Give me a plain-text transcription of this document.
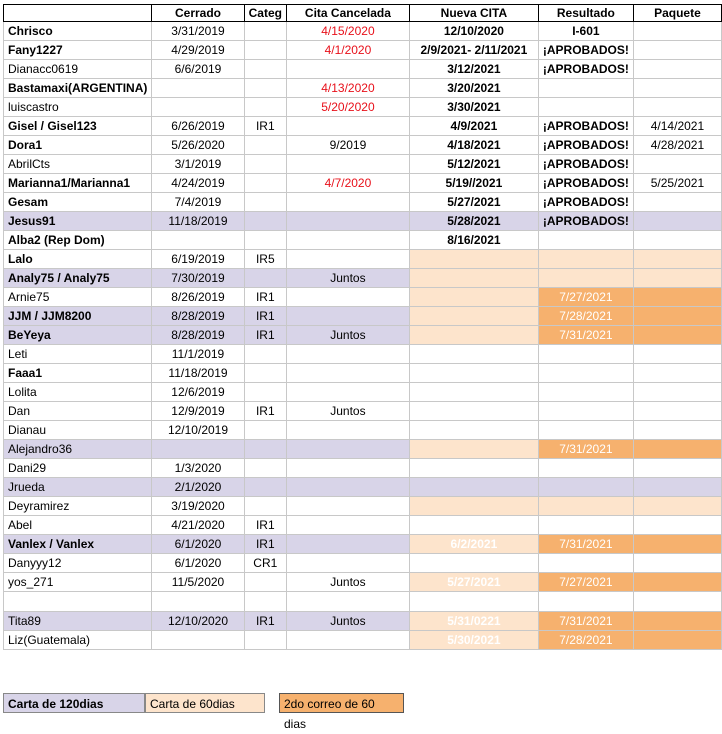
	Cerrado	Categ	Cita Cancelada	Nueva CITA	Resultado	Paquete
Chrisco	3/31/2019		4/15/2020	12/10/2020	I-601	
Fany1227	4/29/2019		4/1/2020	2/9/2021- 2/11/2021	¡APROBADOS!	
Dianacc0619	6/6/2019			3/12/2021	¡APROBADOS!	
Bastamaxi(ARGENTINA)			4/13/2020	3/20/2021		
luiscastro			5/20/2020	3/30/2021		
Gisel / Gisel123	6/26/2019	IR1		4/9/2021	¡APROBADOS!	4/14/2021
Dora1	5/26/2020		9/2019	4/18/2021	¡APROBADOS!	4/28/2021
AbrilCts	3/1/2019			5/12/2021	¡APROBADOS!	
Marianna1/Marianna1	4/24/2019		4/7/2020	5/19//2021	¡APROBADOS!	5/25/2021
Gesam	7/4/2019			5/27/2021	¡APROBADOS!	
Jesus91	11/18/2019			5/28/2021	¡APROBADOS!	
Alba2 (Rep Dom)				8/16/2021		
Lalo	6/19/2019	IR5				
Analy75 / Analy75	7/30/2019		Juntos			
Arnie75	8/26/2019	IR1			7/27/2021	
JJM / JJM8200	8/28/2019	IR1			7/28/2021	
BeYeya	8/28/2019	IR1	Juntos		7/31/2021	
Leti	11/1/2019					
Faaa1	11/18/2019					
Lolita	12/6/2019					
Dan	12/9/2019	IR1	Juntos			
Dianau	12/10/2019					
Alejandro36					7/31/2021	
Dani29	1/3/2020					
Jrueda	2/1/2020					
Deyramirez	3/19/2020					
Abel	4/21/2020	IR1				
Vanlex / Vanlex	6/1/2020	IR1		6/2/2021	7/31/2021	
Danyyy12	6/1/2020	CR1				
yos_271	11/5/2020		Juntos	5/27/2021	7/27/2021	

Tita89	12/10/2020	IR1	Juntos	5/31/0221	7/31/2021	
Liz(Guatemala)				5/30/2021	7/28/2021	
Carta de 120dias	Carta de 60dias	2do correo de 60 dias
